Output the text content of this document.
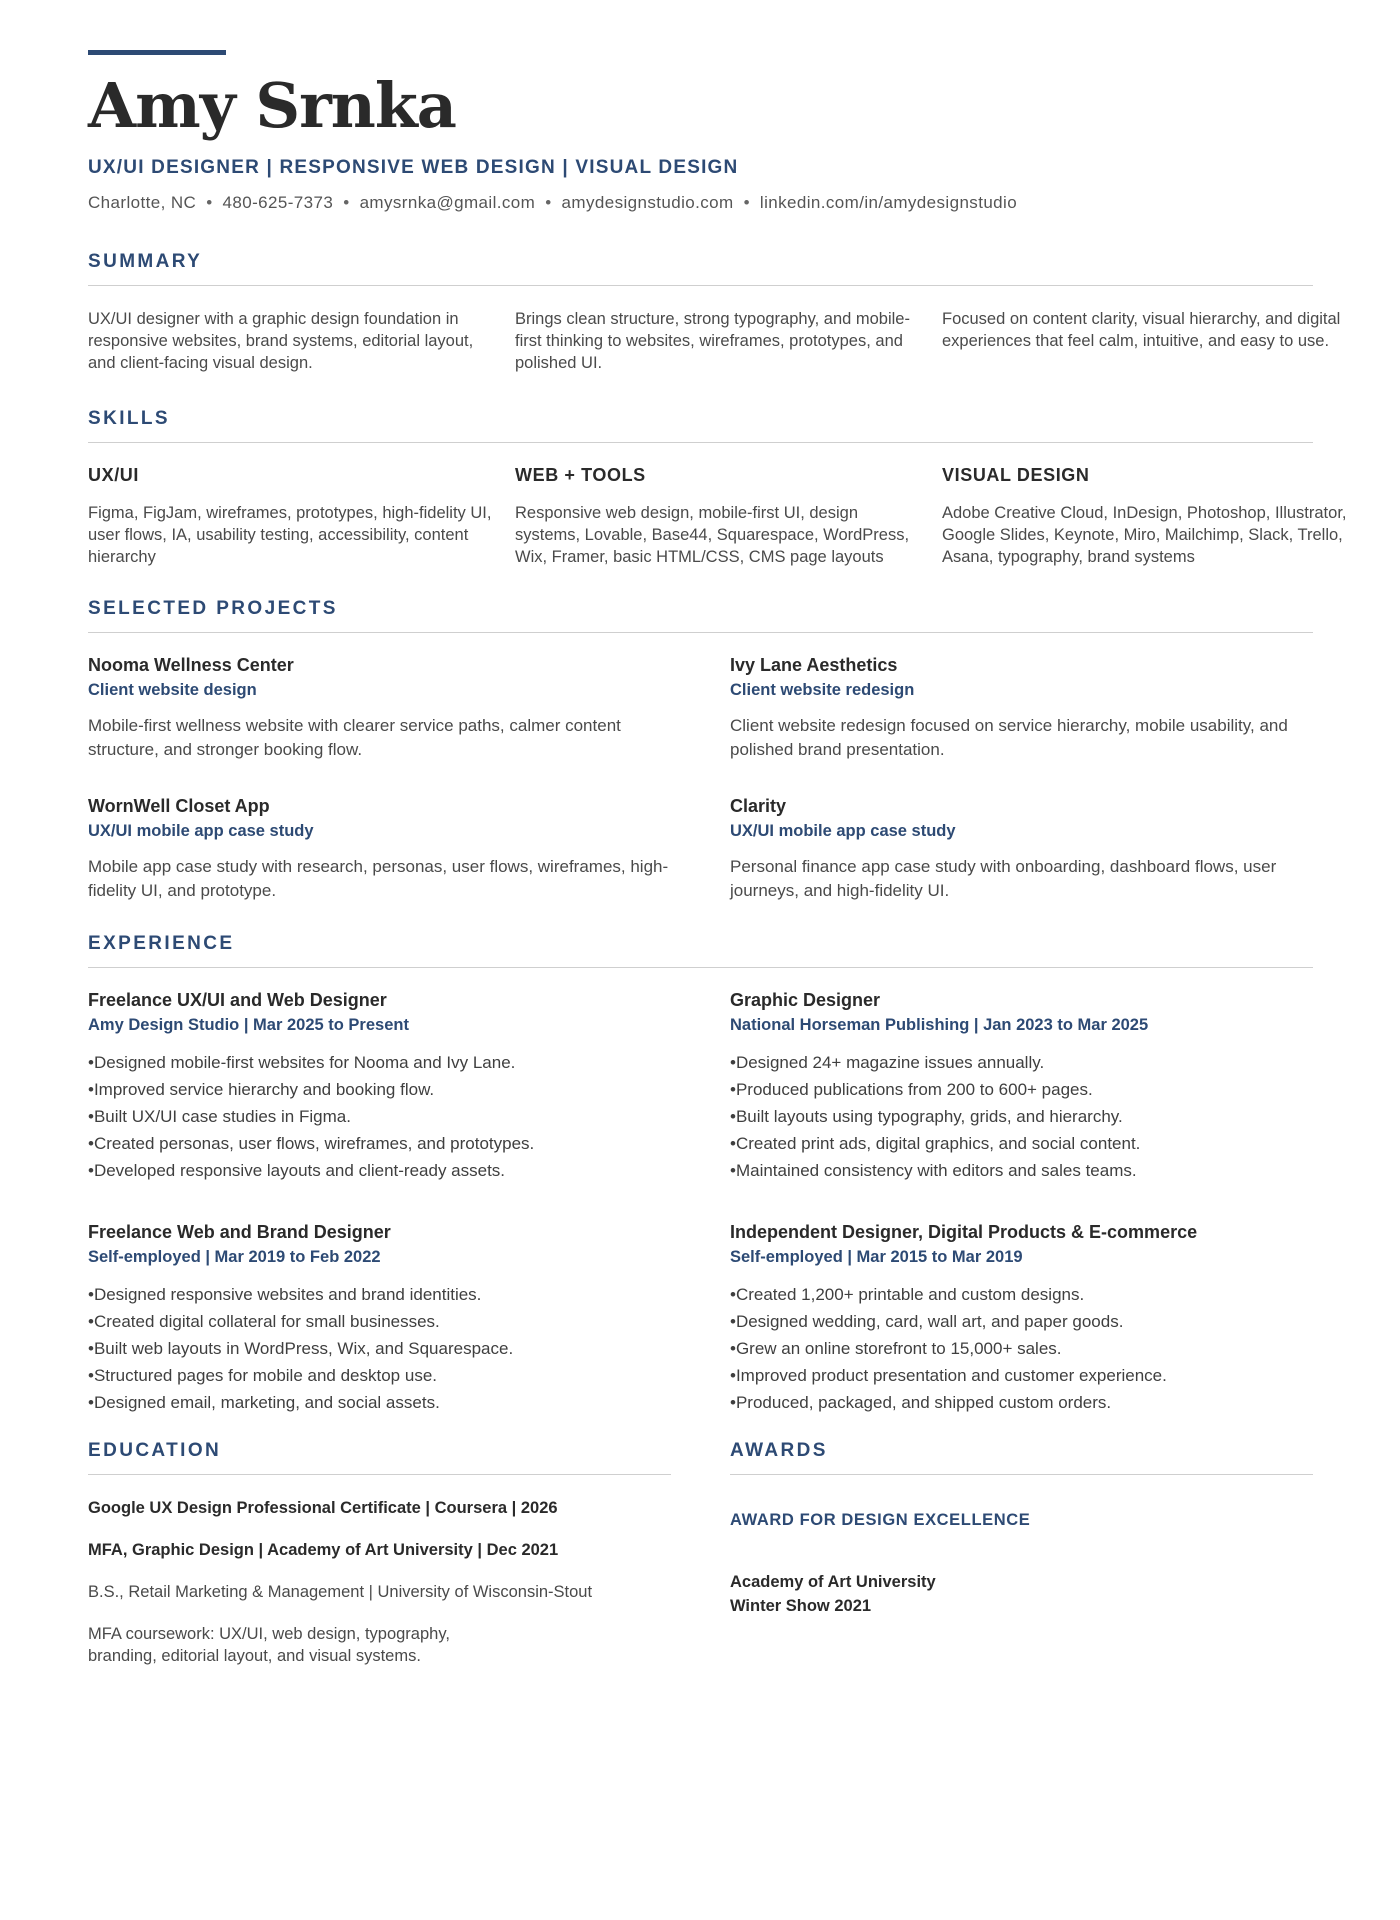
Amy Srnka
UX/UI DESIGNER | RESPONSIVE WEB DESIGN | VISUAL DESIGN
Charlotte, NC • 480-625-7373 • amysrnka@gmail.com • amydesignstudio.com • linkedin.com/in/amydesignstudio
SUMMARY
UX/UI designer with a graphic design foundation in responsive websites, brand systems, editorial layout, and client-facing visual design.
Brings clean structure, strong typography, and mobile-first thinking to websites, wireframes, prototypes, and polished UI.
Focused on content clarity, visual hierarchy, and digital experiences that feel calm, intuitive, and easy to use.
SKILLS
UX/UI
Figma, FigJam, wireframes, prototypes, high-fidelity UI, user flows, IA, usability testing, accessibility, content hierarchy
WEB + TOOLS
Responsive web design, mobile-first UI, design systems, Lovable, Base44, Squarespace, WordPress, Wix, Framer, basic HTML/CSS, CMS page layouts
VISUAL DESIGN
Adobe Creative Cloud, InDesign, Photoshop, Illustrator, Google Slides, Keynote, Miro, Mailchimp, Slack, Trello, Asana, typography, brand systems
SELECTED PROJECTS
Nooma Wellness Center
Client website design
Mobile-first wellness website with clearer service paths, calmer content structure, and stronger booking flow.
Ivy Lane Aesthetics
Client website redesign
Client website redesign focused on service hierarchy, mobile usability, and polished brand presentation.
WornWell Closet App
UX/UI mobile app case study
Mobile app case study with research, personas, user flows, wireframes, high-fidelity UI, and prototype.
Clarity
UX/UI mobile app case study
Personal finance app case study with onboarding, dashboard flows, user journeys, and high-fidelity UI.
EXPERIENCE
Freelance UX/UI and Web Designer
Amy Design Studio | Mar 2025 to Present
• Designed mobile-first websites for Nooma and Ivy Lane.
• Improved service hierarchy and booking flow.
• Built UX/UI case studies in Figma.
• Created personas, user flows, wireframes, and prototypes.
• Developed responsive layouts and client-ready assets.
Graphic Designer
National Horseman Publishing | Jan 2023 to Mar 2025
• Designed 24+ magazine issues annually.
• Produced publications from 200 to 600+ pages.
• Built layouts using typography, grids, and hierarchy.
• Created print ads, digital graphics, and social content.
• Maintained consistency with editors and sales teams.
Freelance Web and Brand Designer
Self-employed | Mar 2019 to Feb 2022
• Designed responsive websites and brand identities.
• Created digital collateral for small businesses.
• Built web layouts in WordPress, Wix, and Squarespace.
• Structured pages for mobile and desktop use.
• Designed email, marketing, and social assets.
Independent Designer, Digital Products & E-commerce
Self-employed | Mar 2015 to Mar 2019
• Created 1,200+ printable and custom designs.
• Designed wedding, card, wall art, and paper goods.
• Grew an online storefront to 15,000+ sales.
• Improved product presentation and customer experience.
• Produced, packaged, and shipped custom orders.
EDUCATION
Google UX Design Professional Certificate | Coursera | 2026
MFA, Graphic Design | Academy of Art University | Dec 2021
B.S., Retail Marketing & Management | University of Wisconsin-Stout
MFA coursework: UX/UI, web design, typography, branding, editorial layout, and visual systems.
AWARDS
AWARD FOR DESIGN EXCELLENCE
Academy of Art University
Winter Show 2021
